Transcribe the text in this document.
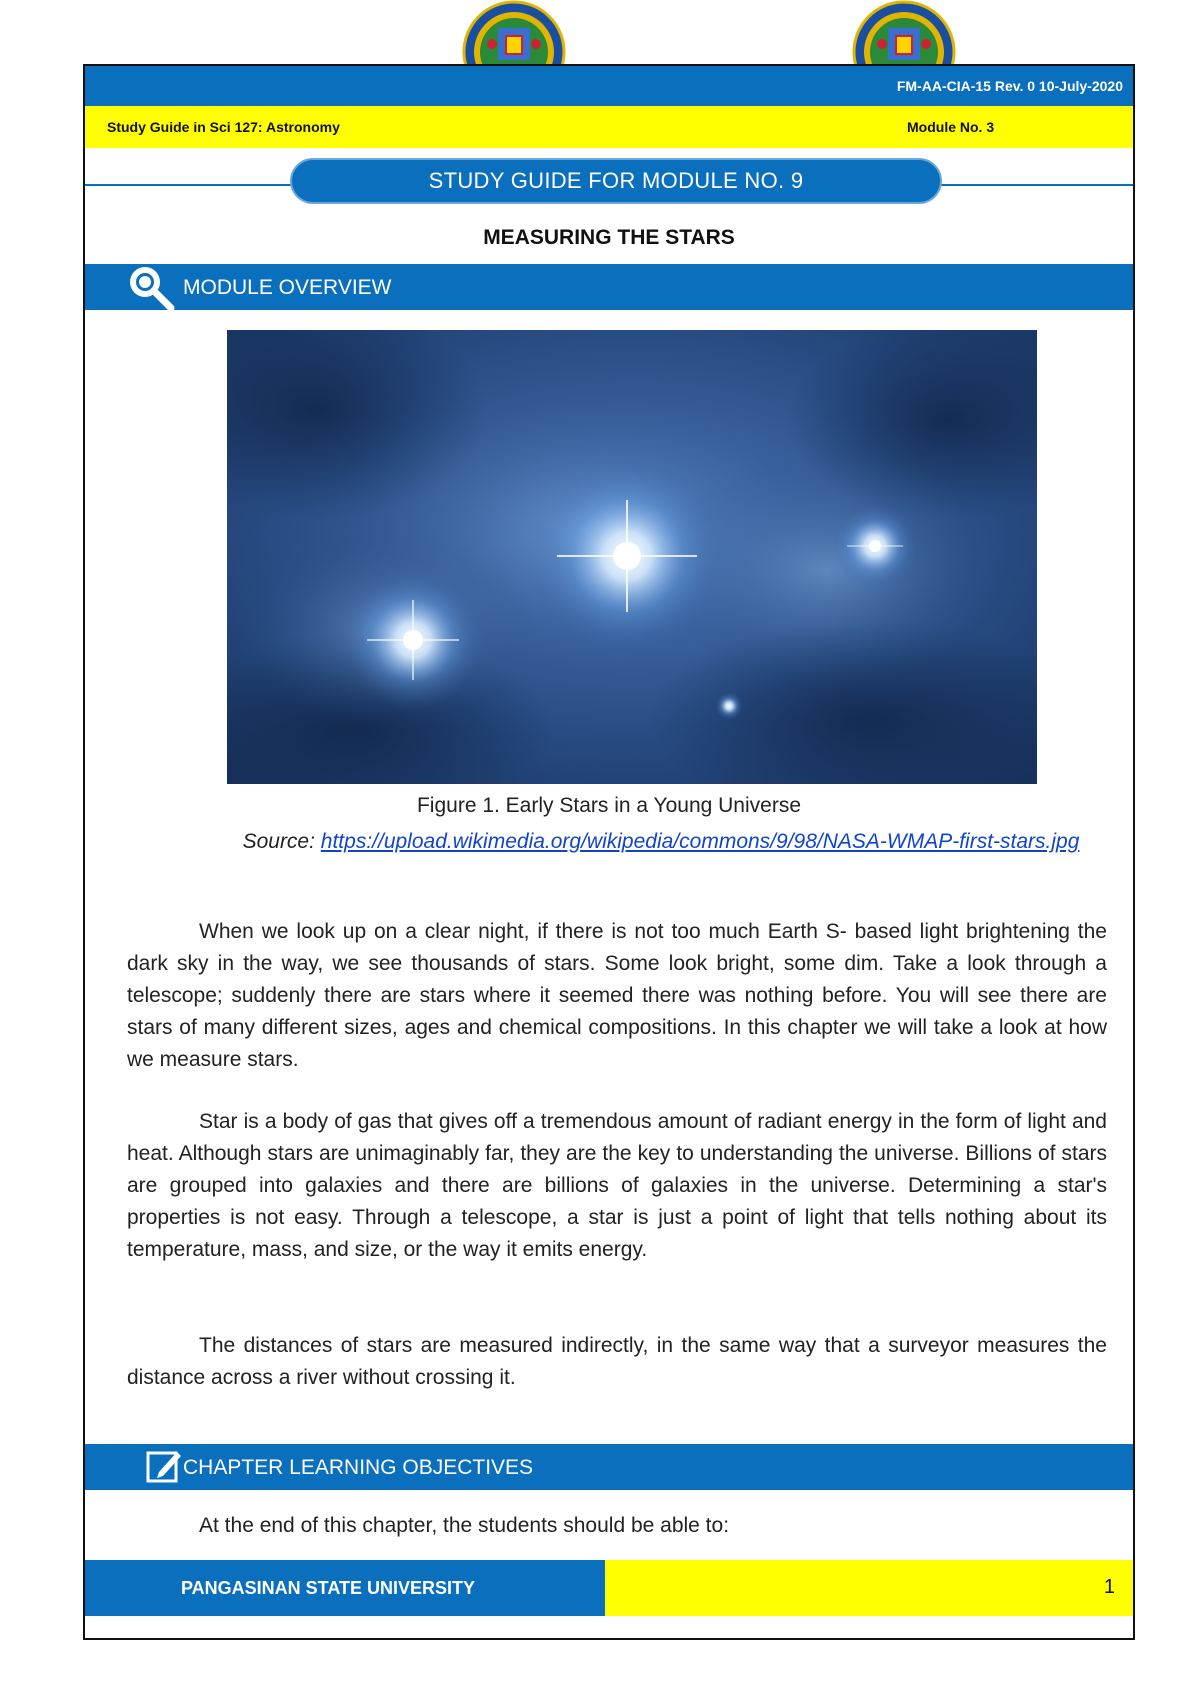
FM-AA-CIA-15 Rev. 0 10-July-2020
Study Guide in Sci 127: Astronomy	Module No. 3
STUDY GUIDE FOR MODULE NO. 9
MEASURING THE STARS
MODULE OVERVIEW
Figure 1. Early Stars in a Young Universe
Source: https://upload.wikimedia.org/wikipedia/commons/9/98/NASA-WMAP-first-stars.jpg

When we look up on a clear night, if there is not too much Earth S- based light brightening the dark sky in the way, we see thousands of stars. Some look bright, some dim. Take a look through a telescope; suddenly there are stars where it seemed there was nothing before. You will see there are stars of many different sizes, ages and chemical compositions. In this chapter we will take a look at how we measure stars.

Star is a body of gas that gives off a tremendous amount of radiant energy in the form of light and heat. Although stars are unimaginably far, they are the key to understanding the universe. Billions of stars are grouped into galaxies and there are billions of galaxies in the universe. Determining a star's properties is not easy. Through a telescope, a star is just a point of light that tells nothing about its temperature, mass, and size, or the way it emits energy.

The distances of stars are measured indirectly, in the same way that a surveyor measures the distance across a river without crossing it.

CHAPTER LEARNING OBJECTIVES

At the end of this chapter, the students should be able to:

PANGASINAN STATE UNIVERSITY	1
